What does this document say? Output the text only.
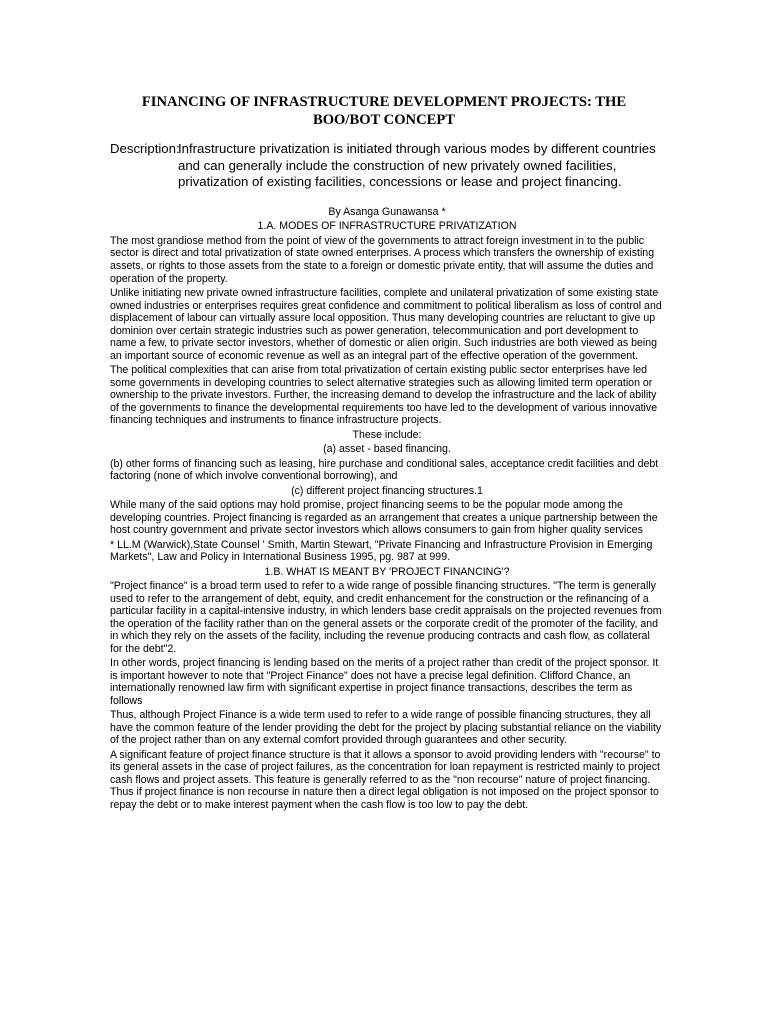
FINANCING OF INFRASTRUCTURE DEVELOPMENT PROJECTS: THE
BOO/BOT CONCEPT
Description:
Infrastructure privatization is initiated through various modes by different countries and can generally include the construction of new privately owned facilities, privatization of existing facilities, concessions or lease and project financing.

By Asanga Gunawansa *

1.A. MODES OF INFRASTRUCTURE PRIVATIZATION

The most grandiose method from the point of view of the governments to attract foreign investment in to the public sector is direct and total privatization of state owned enterprises. A process which transfers the ownership of existing assets, or rights to those assets from the state to a foreign or domestic private entity, that will assume the duties and operation of the property.

Unlike initiating new private owned infrastructure facilities, complete and unilateral privatization of some existing state owned industries or enterprises requires great confidence and commitment to political liberalism as loss of control and displacement of labour can virtually assure local opposition. Thus many developing countries are reluctant to give up dominion over certain strategic industries such as power generation, telecommunication and port development to name a few, to private sector investors, whether of domestic or alien origin. Such industries are both viewed as being an important source of economic revenue as well as an integral part of the effective operation of the government.

The political complexities that can arise from total privatization of certain existing public sector enterprises have led some governments in developing countries to select alternative strategies such as allowing limited term operation or ownership to the private investors. Further, the increasing demand to develop the infrastructure and the lack of ability of the governments to finance the developmental requirements too have led to the development of various innovative financing techniques and instruments to finance infrastructure projects.

These include:

(a) asset - based financing.

(b) other forms of financing such as leasing, hire purchase and conditional sales, acceptance credit facilities and debt factoring (none of which involve conventional borrowing), and

(c) different project financing structures.1

While many of the said options may hold promise, project financing seems to be the popular mode among the developing countries. Project financing is regarded as an arrangement that creates a unique partnership between the host country government and private sector investors which allows consumers to gain from higher quality services

* LL.M (Warwick),State Counsel ' Smith, Martin Stewart, "Private Financing and Infrastructure Provision in Emerging Markets", Law and Policy in International Business 1995, pg. 987 at 999.

1.B. WHAT IS MEANT BY 'PROJECT FINANCING'?

"Project finance" is a broad term used to refer to a wide range of possible financing structures. "The term is generally used to refer to the arrangement of debt, equity, and credit enhancement for the construction or the refinancing of a particular facility in a capital-intensive industry, in which lenders base credit appraisals on the projected revenues from the operation of the facility rather than on the general assets or the corporate credit of the promoter of the facility, and in which they rely on the assets of the facility, including the revenue producing contracts and cash flow, as collateral for the debt"2.

In other words, project financing is lending based on the merits of a project rather than credit of the project sponsor. It is important however to note that "Project Finance" does not have a precise legal definition. Clifford Chance, an internationally renowned law firm with significant expertise in project finance transactions, describes the term as follows

Thus, although Project Finance is a wide term used to refer to a wide range of possible financing structures, they all have the common feature of the lender providing the debt for the project by placing substantial reliance on the viability of the project rather than on any external comfort provided through guarantees and other security.

A significant feature of project finance structure is that it allows a sponsor to avoid providing lenders with "recourse" to its general assets in the case of project failures, as the concentration for loan repayment is restricted mainly to project cash flows and project assets. This feature is generally referred to as the "non recourse" nature of project financing. Thus if project finance is non recourse in nature then a direct legal obligation is not imposed on the project sponsor to repay the debt or to make interest payment when the cash flow is too low to pay the debt.
